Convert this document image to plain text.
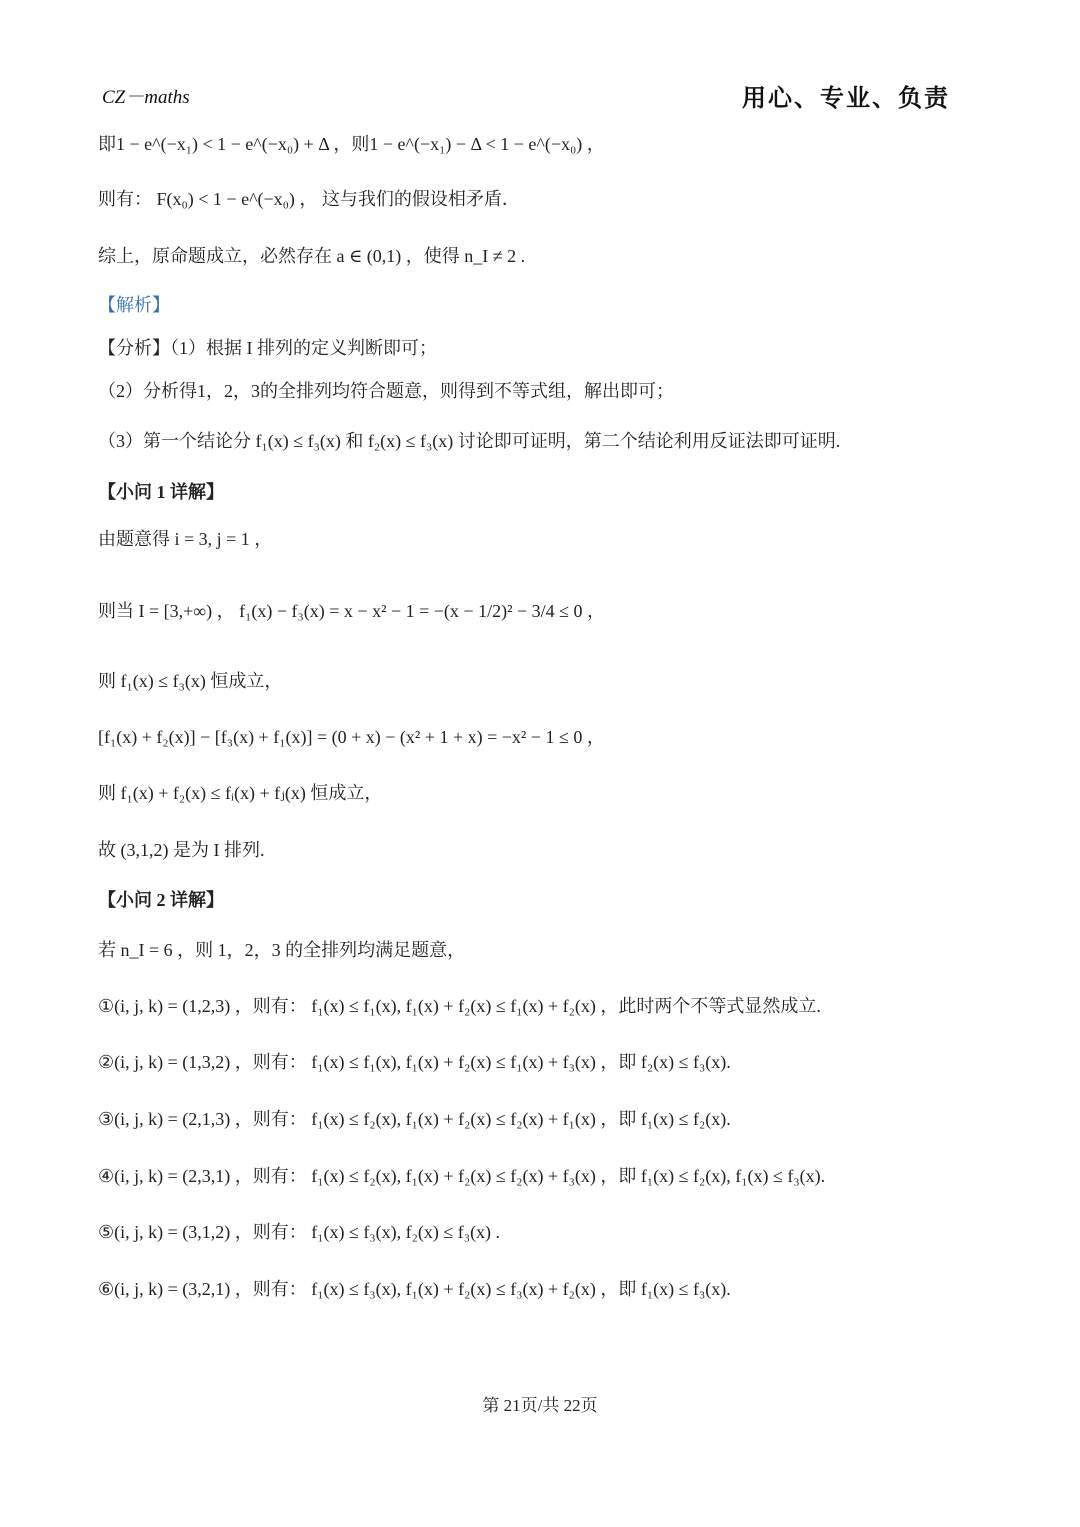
CZ－maths	用心、专业、负责
即1 − e^(−x₁) < 1 − e^(−x₀) + Δ ，则1 − e^(−x₁) − Δ < 1 − e^(−x₀) ，
则有： F(x₀) < 1 − e^(−x₀) ， 这与我们的假设相矛盾．
综上，原命题成立，必然存在 a ∈ (0,1) ，使得 n_I ≠ 2 .
【解析】
【分析】（1）根据 I 排列的定义判断即可；
（2）分析得1，2，3的全排列均符合题意，则得到不等式组，解出即可；
（3）第一个结论分 f₁(x) ≤ f₃(x) 和 f₂(x) ≤ f₃(x) 讨论即可证明，第二个结论利用反证法即可证明.
【小问 1 详解】
由题意得 i = 3, j = 1 ，
则当 I = [3,+∞) ， f₁(x) − f₃(x) = x − x² − 1 = −(x − 1/2)² − 3/4 ≤ 0 ，
则 f₁(x) ≤ f₃(x) 恒成立，
[f₁(x) + f₂(x)] − [f₃(x) + f₁(x)] = (0 + x) − (x² + 1 + x) = −x² − 1 ≤ 0 ，
则 f₁(x) + f₂(x) ≤ fᵢ(x) + fⱼ(x) 恒成立，
故 (3,1,2) 是为 I 排列.
【小问 2 详解】
若 n_I = 6 ，则 1，2，3 的全排列均满足题意，
①(i, j, k) = (1,2,3) ，则有： f₁(x) ≤ f₁(x), f₁(x) + f₂(x) ≤ f₁(x) + f₂(x) ，此时两个不等式显然成立.
②(i, j, k) = (1,3,2) ，则有： f₁(x) ≤ f₁(x), f₁(x) + f₂(x) ≤ f₁(x) + f₃(x) ，即 f₂(x) ≤ f₃(x).
③(i, j, k) = (2,1,3) ，则有： f₁(x) ≤ f₂(x), f₁(x) + f₂(x) ≤ f₂(x) + f₁(x) ，即 f₁(x) ≤ f₂(x).
④(i, j, k) = (2,3,1) ，则有： f₁(x) ≤ f₂(x), f₁(x) + f₂(x) ≤ f₂(x) + f₃(x) ，即 f₁(x) ≤ f₂(x), f₁(x) ≤ f₃(x).
⑤(i, j, k) = (3,1,2) ，则有： f₁(x) ≤ f₃(x), f₂(x) ≤ f₃(x) .
⑥(i, j, k) = (3,2,1) ，则有： f₁(x) ≤ f₃(x), f₁(x) + f₂(x) ≤ f₃(x) + f₂(x) ，即 f₁(x) ≤ f₃(x).
第 21页/共 22页
